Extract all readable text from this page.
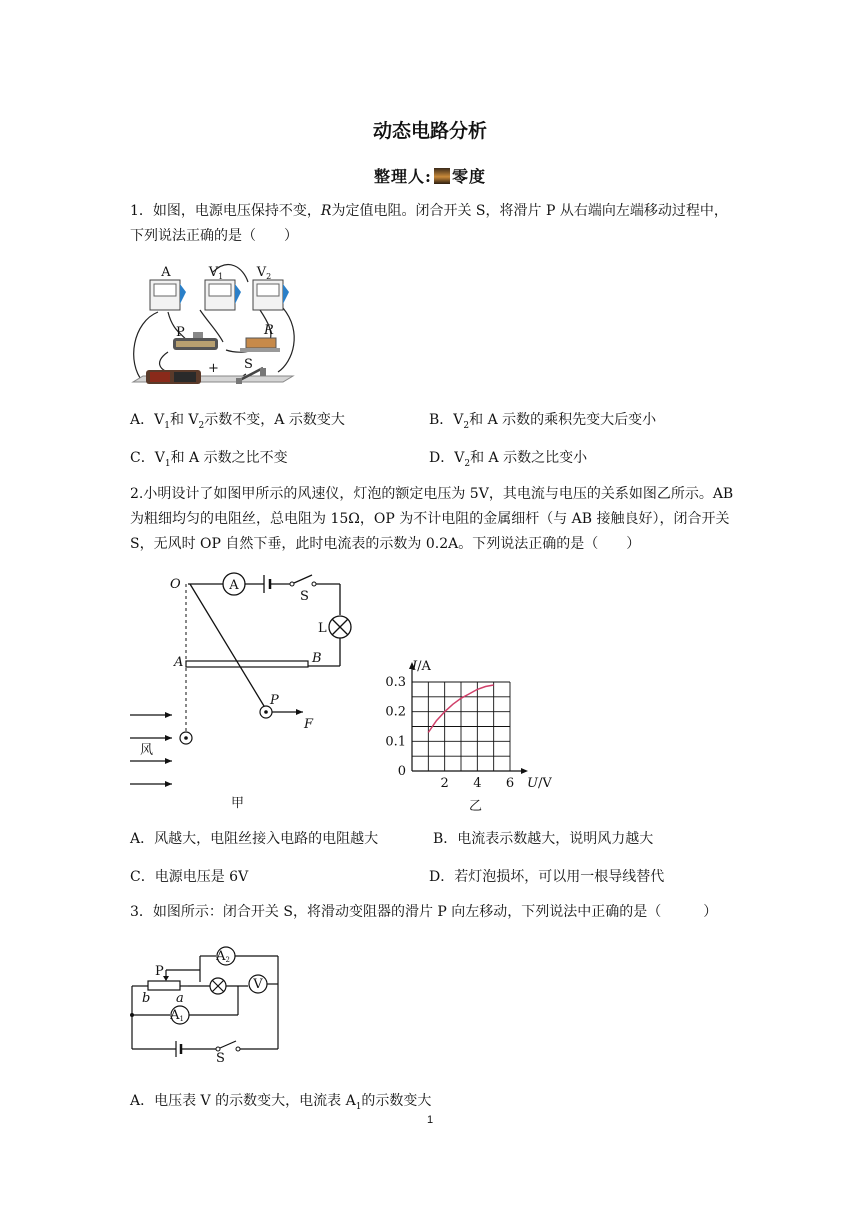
动态电路分析
整理人: 零度
1．如图，电源电压保持不变，R为定值电阻。闭合开关 S，将滑片 P 从右端向左端移动过程中，下列说法正确的是（　　）
A	$V_1$	$V_2$
P	R
+ S
A．$V_1$和 $V_2$示数不变，A 示数变大	B．$V_2$和 A 示数的乘积先变大后变小
C．$V_1$和 A 示数之比不变	D．$V_2$和 A 示数之比变小
2.小明设计了如图甲所示的风速仪，灯泡的额定电压为 5V，其电流与电压的关系如图乙所示。AB 为粗细均匀的电阻丝，总电阻为 15Ω，OP 为不计电阻的金属细杆（与 AB 接触良好），闭合开关 S，无风时 OP 自然下垂，此时电流表的示数为 0.2A。下列说法正确的是（　　）
A
S
L
A	B
O
P
F
风
甲
0.3
0.2
0.1
0
2 4 6
I/A
U/V
乙
A．风越大，电阻丝接入电路的电阻越大	B．电流表示数越大，说明风力越大
C．电源电压是 6V	D．若灯泡损坏，可以用一根导线替代
3．如图所示：闭合开关 S，将滑动变阻器的滑片 P 向左移动，下列说法中正确的是（　　　）
S
A2
P
b a
V
A1
A．电压表 V 的示数变大，电流表 $A_1$的示数变大
1
